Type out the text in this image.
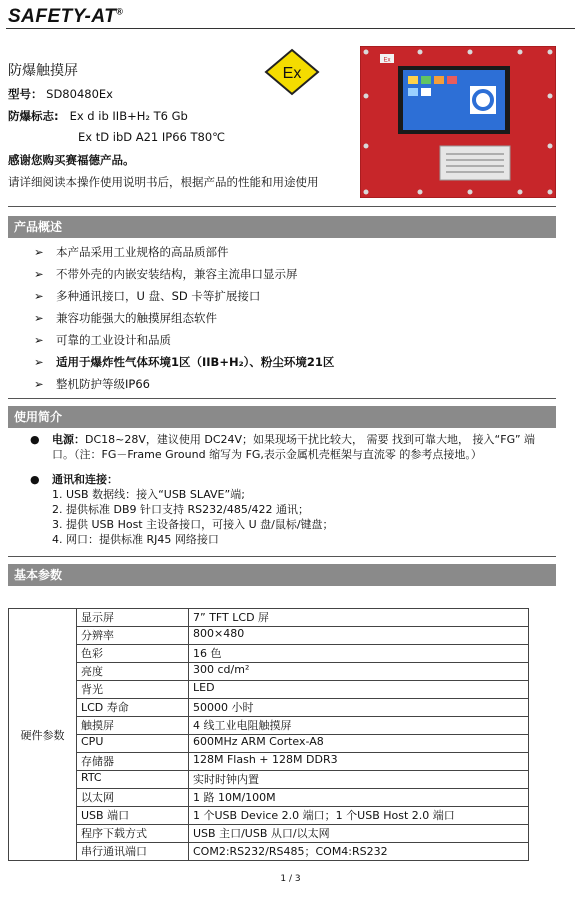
SAFETY-AT®
防爆触摸屏	Ex
型号： SD80480Ex
防爆标志: Ex d ib IIB+H₂ T6 Gb
Ex tD ibD A21 IP66 T80℃
感谢您购买赛福德产品。
请详细阅读本操作使用说明书后，根据产品的性能和用途使用
Ex
产品概述
➢ 本产品采用工业规格的高品质部件
➢ 不带外壳的内嵌安装结构，兼容主流串口显示屏
➢ 多种通讯接口，U 盘、SD 卡等扩展接口
➢ 兼容功能强大的触摸屏组态软件
➢ 可靠的工业设计和品质
➢ 适用于爆炸性气体环境1区（IIB+H₂）、粉尘环境21区
➢ 整机防护等级IP66
使用简介
● 电源：DC18~28V，建议使用 DC24V；如果现场干扰比较大， 需要 找到可靠大地， 接入“FG” 端
口。（注：FG－Frame Ground 缩写为 FG,表示金属机壳框架与直流零 的参考点接地。）
● 通讯和连接：
1. USB 数据线：接入“USB SLAVE”端;
2. 提供标准 DB9 针口支持 RS232/485/422 通讯；
3. 提供 USB Host 主设备接口，可接入 U 盘/鼠标/键盘；
4. 网口：提供标准 RJ45 网络接口
基本参数
硬件参数	显示屏	7” TFT LCD 屏
	分辨率	800×480
	色彩	16 色
	亮度	300 cd/m²
	背光	LED
	LCD 寿命	50000 小时
	触摸屏	4 线工业电阻触摸屏
	CPU	600MHz ARM Cortex-A8
	存储器	128M Flash + 128M DDR3
	RTC	实时时钟内置
	以太网	1 路 10M/100M
	USB 端口	1 个USB Device 2.0 端口；1 个USB Host 2.0 端口
	程序下载方式	USB 主口/USB 从口/以太网
	串行通讯端口	COM2:RS232/RS485；COM4:RS232
1 / 3
